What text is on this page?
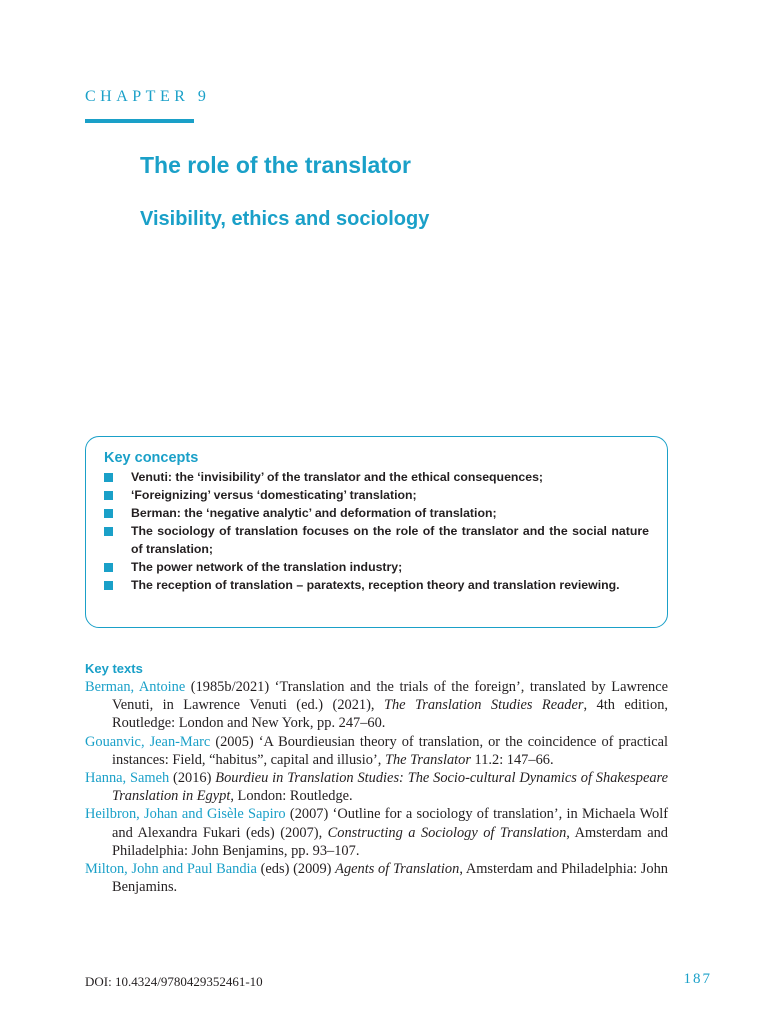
CHAPTER 9
The role of the translator
Visibility, ethics and sociology
Key concepts
Venuti: the ‘invisibility’ of the translator and the ethical consequences;
‘Foreignizing’ versus ‘domesticating’ translation;
Berman: the ‘negative analytic’ and deformation of translation;
The sociology of translation focuses on the role of the translator and the social nature of translation;
The power network of the translation industry;
The reception of translation – paratexts, reception theory and translation reviewing.
Key texts

Berman, Antoine (1985b/2021) ‘Translation and the trials of the foreign’, translated by Lawrence Venuti, in Lawrence Venuti (ed.) (2021), The Translation Studies Reader, 4th edition, Routledge: London and New York, pp. 247–60.

Gouanvic, Jean-Marc (2005) ‘A Bourdieusian theory of translation, or the coincidence of practical instances: Field, “habitus”, capital and illusio’, The Translator 11.2: 147–66.

Hanna, Sameh (2016) Bourdieu in Translation Studies: The Socio-cultural Dynamics of Shakespeare Translation in Egypt, London: Routledge.

Heilbron, Johan and Gisèle Sapiro (2007) ‘Outline for a sociology of translation’, in Michaela Wolf and Alexandra Fukari (eds) (2007), Constructing a Sociology of Translation, Amsterdam and Philadelphia: John Benjamins, pp. 93–107.

Milton, John and Paul Bandia (eds) (2009) Agents of Translation, Amsterdam and Philadelphia: John Benjamins.

DOI: 10.4324/9780429352461-10	187
